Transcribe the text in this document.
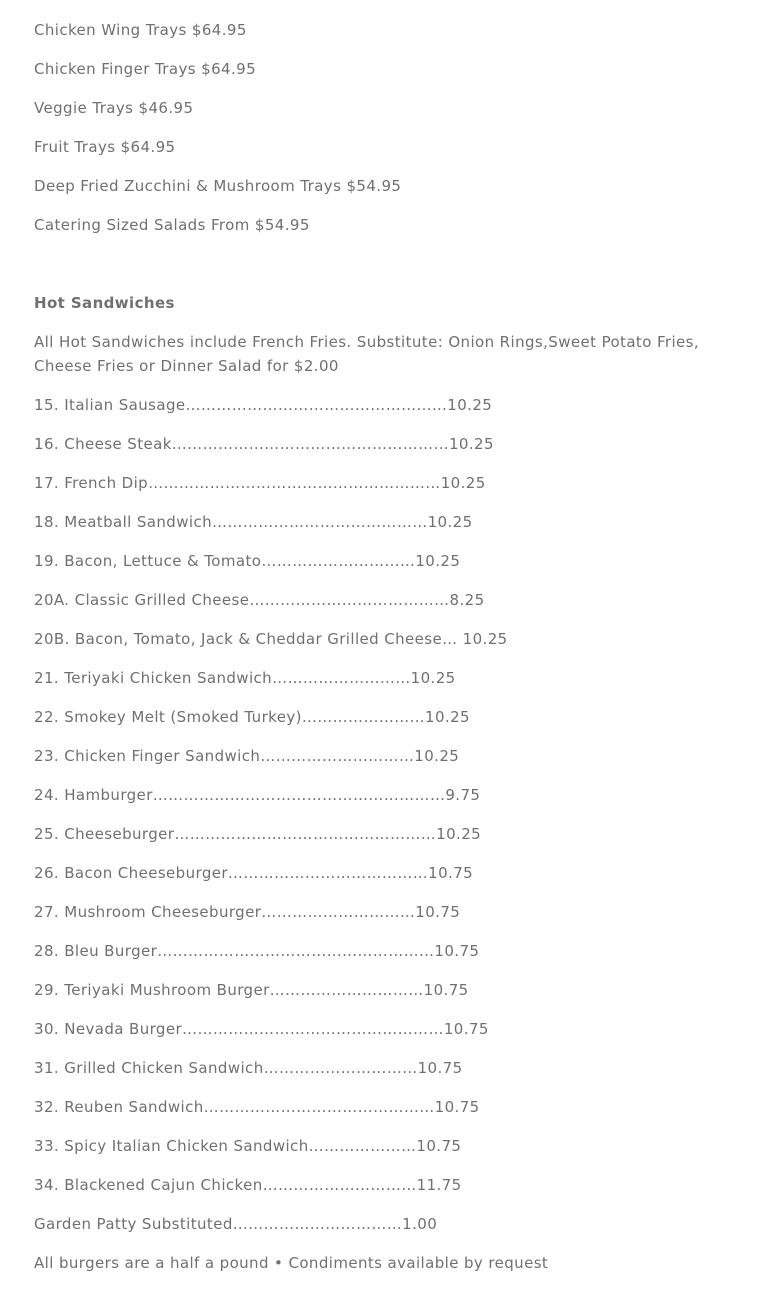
Chicken Wing Trays $64.95
Chicken Finger Trays $64.95
Veggie Trays $46.95
Fruit Trays $64.95
Deep Fried Zucchini & Mushroom Trays $54.95
Catering Sized Salads From $54.95
Hot Sandwiches
All Hot Sandwiches include French Fries. Substitute: Onion Rings,Sweet Potato Fries, Cheese Fries or Dinner Salad for $2.00
15. Italian Sausage……………………………………………10.25
16. Cheese Steak………………………………………………10.25
17. French Dip…………………………………………………10.25
18. Meatball Sandwich……………………………………10.25
19. Bacon, Lettuce & Tomato…………………………10.25
20A. Classic Grilled Cheese…………………………………8.25
20B. Bacon, Tomato, Jack & Cheddar Grilled Cheese… 10.25
21. Teriyaki Chicken Sandwich………………………10.25
22. Smokey Melt (Smoked Turkey)……………………10.25
23. Chicken Finger Sandwich…………………………10.25
24. Hamburger…………………………………………………9.75
25. Cheeseburger……………………………………………10.25
26. Bacon Cheeseburger…………………………………10.75
27. Mushroom Cheeseburger…………………………10.75
28. Bleu Burger………………………………………………10.75
29. Teriyaki Mushroom Burger…………………………10.75
30. Nevada Burger……………………………………………10.75
31. Grilled Chicken Sandwich…………………………10.75
32. Reuben Sandwich………………………………………10.75
33. Spicy Italian Chicken Sandwich…………………10.75
34. Blackened Cajun Chicken…………………………11.75
Garden Patty Substituted……………………………1.00
All burgers are a half a pound • Condiments available by request
